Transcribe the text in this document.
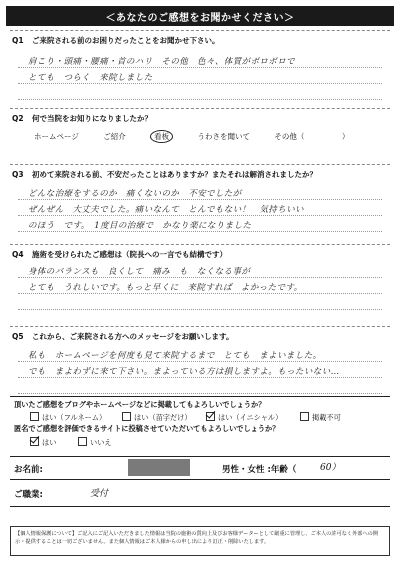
＜あなたのご感想をお聞かせください＞
Q1 ご来院される前のお困りだったことをお聞かせ下さい。
肩こり・頭痛・腰痛・首のハリ　その他　色々、体質がボロボロで
とても　つらく　来院しました
Q2 何で当院をお知りになりましたか？
ホームページ	ご紹介	看板	うわさを聞いて	その他（　　　　　）
Q3 初めて来院される前、不安だったことはありますか？またそれは解消されましたか？
どんな治療をするのか　痛くないのか　不安でしたが
ぜんぜん　大丈夫でした。痛いなんて　とんでもない！　気持ちいい
のほう　です。　1度目の治療で　かなり楽になりました
Q4 施術を受けられたご感想は（院長への一言でも結構です）
身体のバランスも　良くして　痛み　も　なくなる事が
とても　うれしいです。もっと早くに　来院すれば　よかったです。
Q5 これから、ご来院される方へのメッセージをお願いします。
私も　ホームページを何度も見て来院するまで　とても　まよいました。
でも　まよわずに来て下さい。まよっている方は損しますよ。もったいない…
頂いたご感想をブログやホームページなどに掲載してもよろしいでしょうか？
はい（フルネーム）	はい（苗字だけ）	はい（イニシャル）	掲載不可
匿名でご感想を評価できるサイトに投稿させていただいてもよろしいでしょうか？
はい	いいえ
お名前:	男性・女性 :年齢（	60）
ご職業:	受付
【個人情報保護について】ご記入にご記入いただきました情報は当院の施術の質向上及びお客様データーとして厳重に管理し、ご本人の許可なく外部への開示・提供することは一切ございません。また個人情報はご本人様からの申し出により訂正・削除いたします。
